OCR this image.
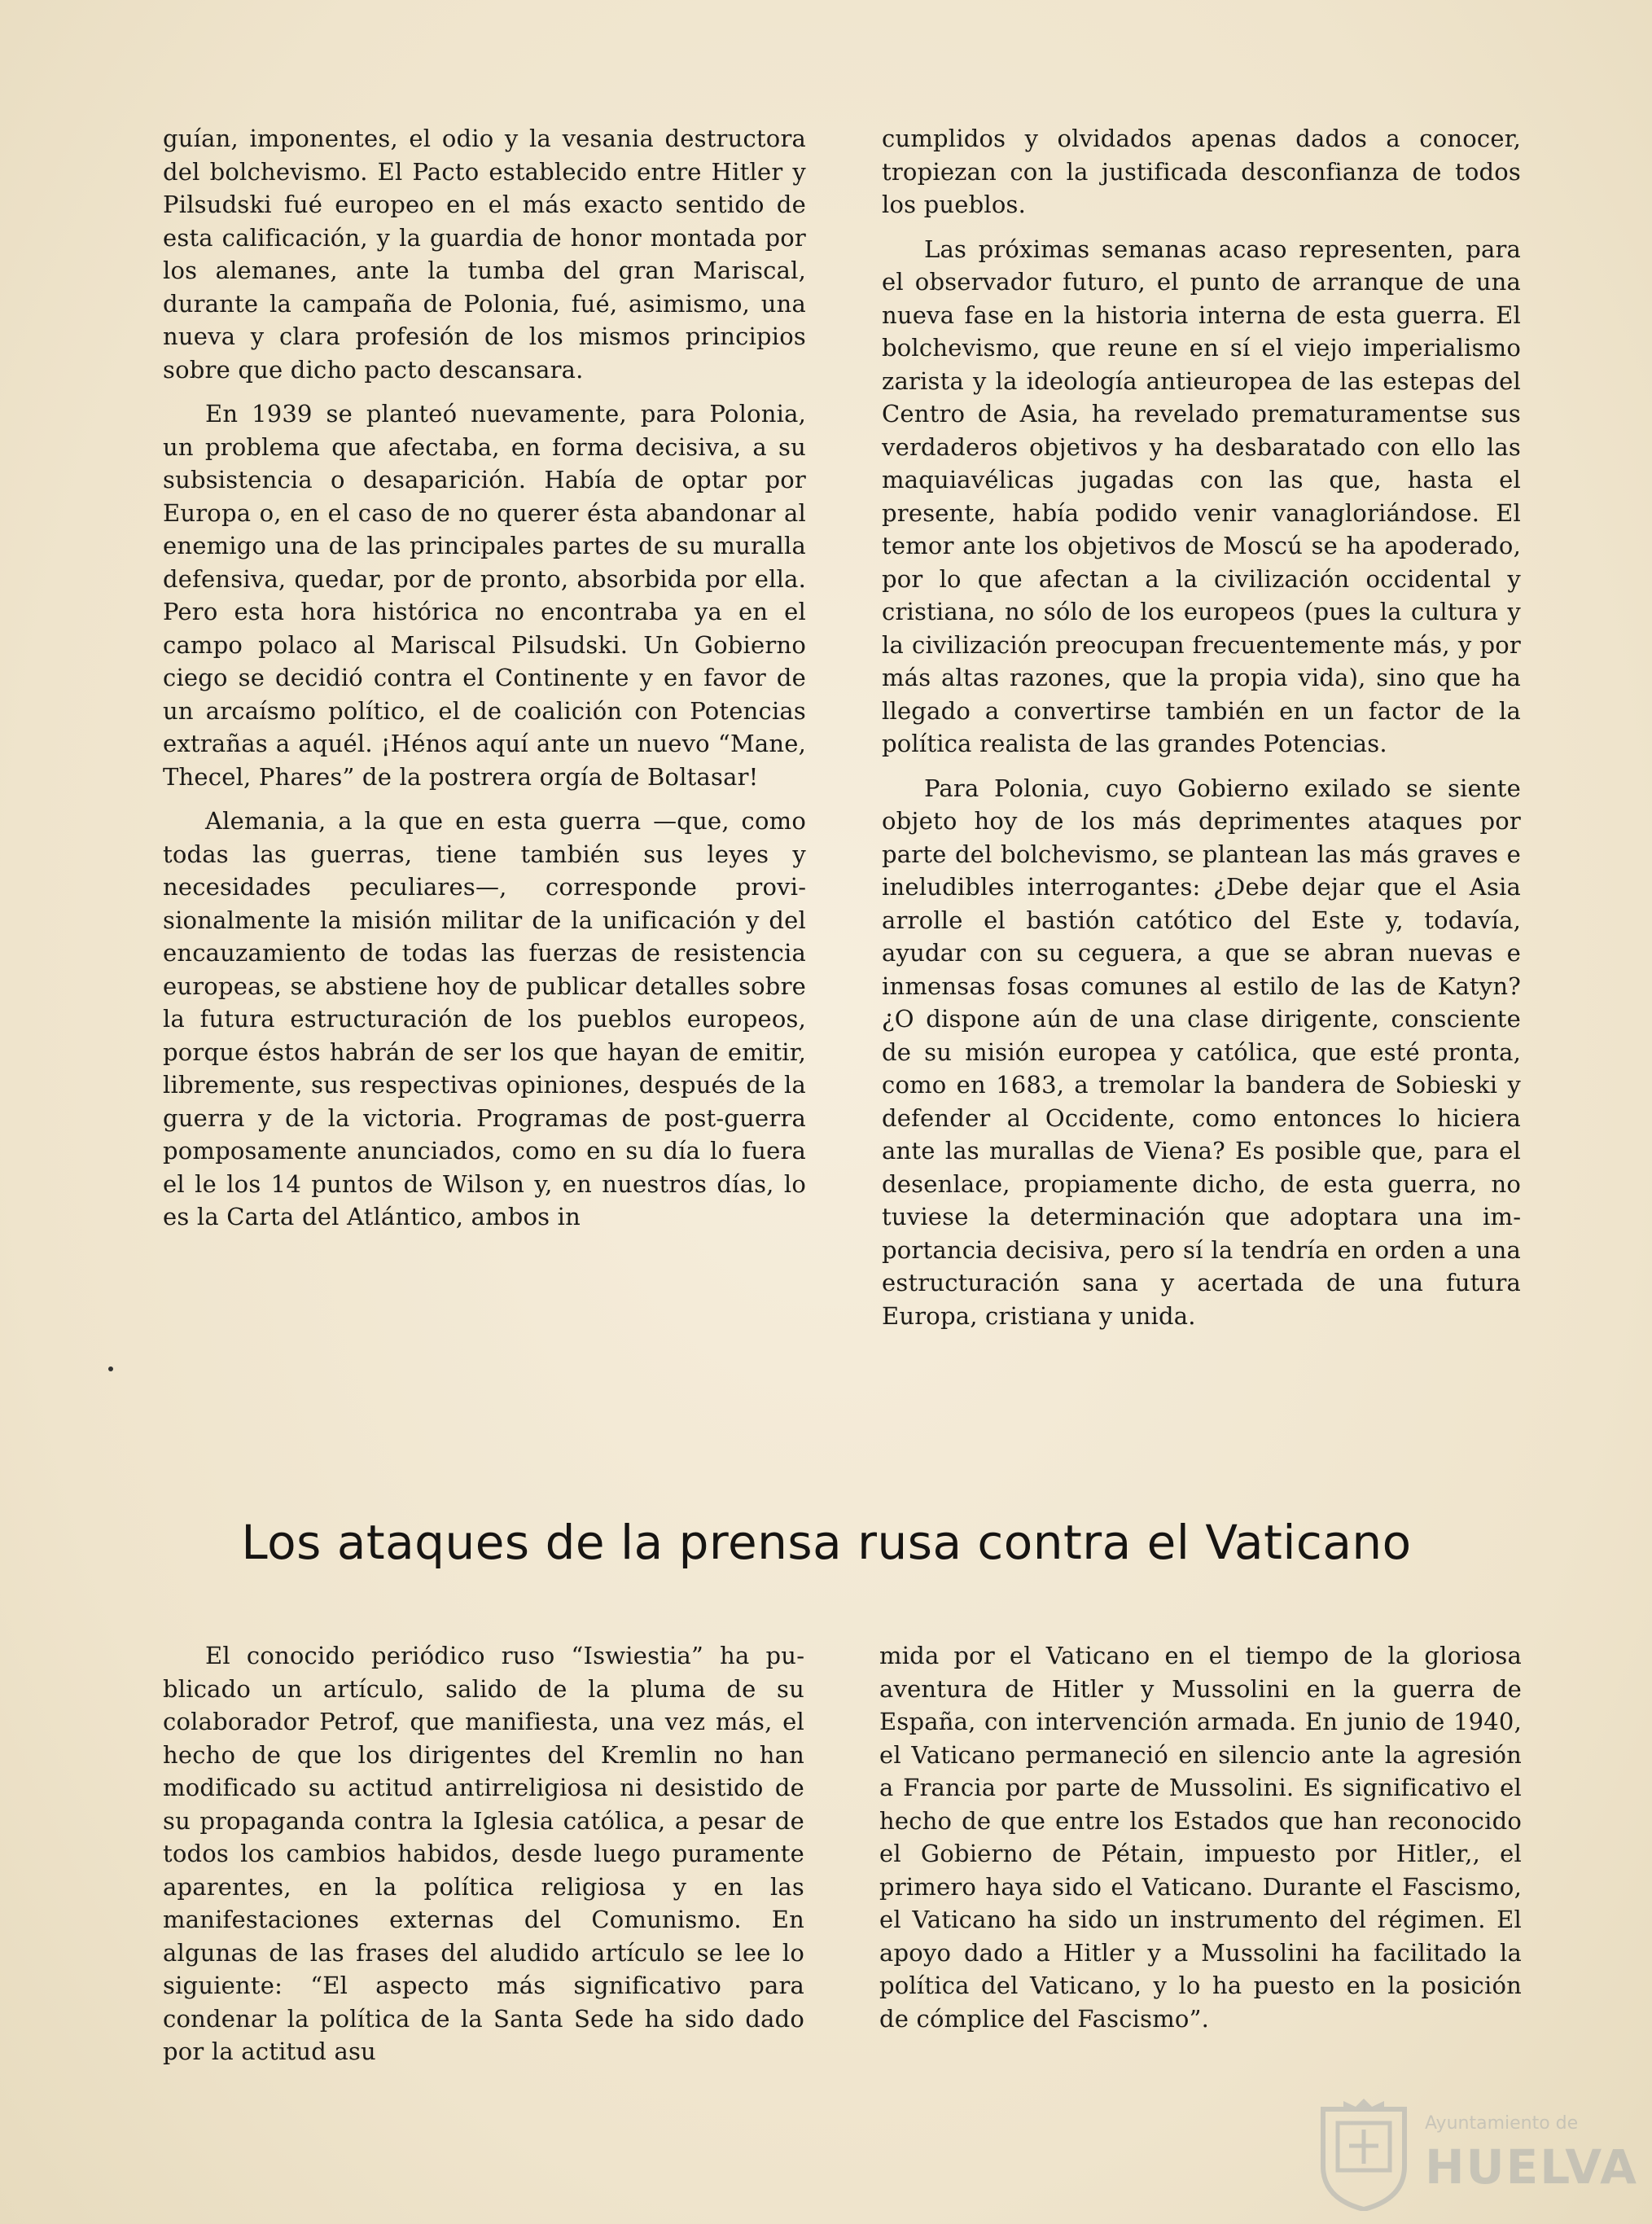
guían, imponentes, el odio y la vesania destructora del bolchevismo. El Pacto establecido entre Hitler y Pilsudski fué europeo en el más exacto sentido de esta calificación, y la guardia de honor montada por los alemanes, ante la tumba del gran Mariscal, durante la campaña de Polonia, fué, asimismo, una nueva y clara profesión de los mismos principios sobre que dicho pacto descansara.

En 1939 se planteó nuevamente, para Polonia, un problema que afectaba, en forma decisiva, a su subsistencia o desaparición. Había de optar por Europa o, en el caso de no querer ésta abandonar al enemigo una de las principales partes de su muralla defensiva, quedar, por de pronto, absorbida por ella. Pero esta hora histórica no encontraba ya en el campo polaco al Mariscal Pilsudski. Un Gobierno ciego se decidió contra el Continente y en favor de un arcaísmo político, el de coalición con Potencias extrañas a aquél. ¡Hénos aquí ante un nuevo “Mane, Thecel, Phares” de la postrera orgía de Boltasar!

Alemania, a la que en esta guerra —que, como todas las guerras, tiene también sus leyes y necesidades peculiares—, corresponde provisionalmente la misión militar de la unificación y del encauzamiento de todas las fuerzas de resistencia europeas, se abstiene hoy de publicar detalles sobre la futura estructuración de los pueblos europeos, porque éstos habrán de ser los que hayan de emitir, libremente, sus respectivas opiniones, después de la guerra y de la victoria. Programas de post-guerra pomposamente anunciados, como en su día lo fuera el le los 14 puntos de Wilson y, en nuestros días, lo es la Carta del Atlántico, ambos in

cumplidos y olvidados apenas dados a conocer, tropiezan con la justificada desconfianza de todos los pueblos.

Las próximas semanas acaso representen, para el observador futuro, el punto de arranque de una nueva fase en la historia interna de esta guerra. El bolchevismo, que reune en sí el viejo imperialismo zarista y la ideología antieuropea de las estepas del Centro de Asia, ha revelado prematuramentse sus verdaderos objetivos y ha desbaratado con ello las maquiavélicas jugadas con las que, hasta el presente, había podido venir vanagloriándose. El temor ante los objetivos de Moscú se ha apoderado, por lo que afectan a la civilización occidental y cristiana, no sólo de los europeos (pues la cultura y la civilización preocupan frecuentemente más, y por más altas razones, que la propia vida), sino que ha llegado a convertirse también en un factor de la política realista de las grandes Potencias.

Para Polonia, cuyo Gobierno exilado se siente objeto hoy de los más deprimentes ataques por parte del bolchevismo, se plantean las más graves e ineludibles interrogantes: ¿Debe dejar que el Asia arrolle el bastión catótico del Este y, todavía, ayudar con su ceguera, a que se abran nuevas e inmensas fosas comunes al estilo de las de Katyn? ¿O dispone aún de una clase dirigente, consciente de su misión europea y católica, que esté pronta, como en 1683, a tremolar la bandera de Sobieski y defender al Occidente, como entonces lo hiciera ante las murallas de Viena? Es posible que, para el desenlace, propiamente dicho, de esta guerra, no tuviese la determinación que adoptara una importancia decisiva, pero sí la tendría en orden a una estructuración sana y acertada de una futura Europa, cristiana y unida.

Los ataques de la prensa rusa contra el Vaticano

El conocido periódico ruso “Iswiestia” ha publicado un artículo, salido de la pluma de su colaborador Petrof, que manifiesta, una vez más, el hecho de que los dirigentes del Kremlin no han modificado su actitud antirreligiosa ni desistido de su propaganda contra la Iglesia católica, a pesar de todos los cambios habidos, desde luego puramente aparentes, en la política religiosa y en las manifestaciones externas del Comunismo. En algunas de las frases del aludido artículo se lee lo siguiente: “El aspecto más significativo para condenar la política de la Santa Sede ha sido dado por la actitud asu

mida por el Vaticano en el tiempo de la gloriosa aventura de Hitler y Mussolini en la guerra de España, con intervención armada. En junio de 1940, el Vaticano permaneció en silencio ante la agresión a Francia por parte de Mussolini. Es significativo el hecho de que entre los Estados que han reconocido el Gobierno de Pétain, impuesto por Hitler,, el primero haya sido el Vaticano. Durante el Fascismo, el Vaticano ha sido un instrumento del régimen. El apoyo dado a Hitler y a Mussolini ha facilitado la política del Vaticano, y lo ha puesto en la posición de cómplice del Fascismo”.

Ayuntamiento de
HUELVA
